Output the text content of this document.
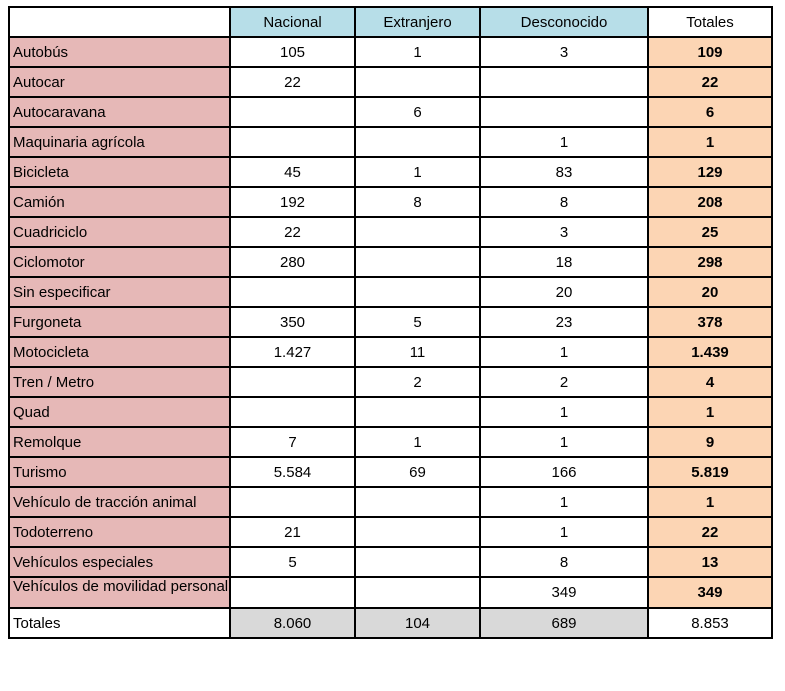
	Nacional	Extranjero	Desconocido	Totales
Autobús	105	1	3	109
Autocar	22			22
Autocaravana		6		6
Maquinaria agrícola			1	1
Bicicleta	45	1	83	129
Camión	192	8	8	208
Cuadriciclo	22		3	25
Ciclomotor	280		18	298
Sin especificar			20	20
Furgoneta	350	5	23	378
Motocicleta	1.427	11	1	1.439
Tren / Metro		2	2	4
Quad			1	1
Remolque	7	1	1	9
Turismo	5.584	69	166	5.819
Vehículo de tracción animal			1	1
Todoterreno	21		1	22
Vehículos especiales	5		8	13
Vehículos de movilidad personal			349	349
Totales	8.060	104	689	8.853
